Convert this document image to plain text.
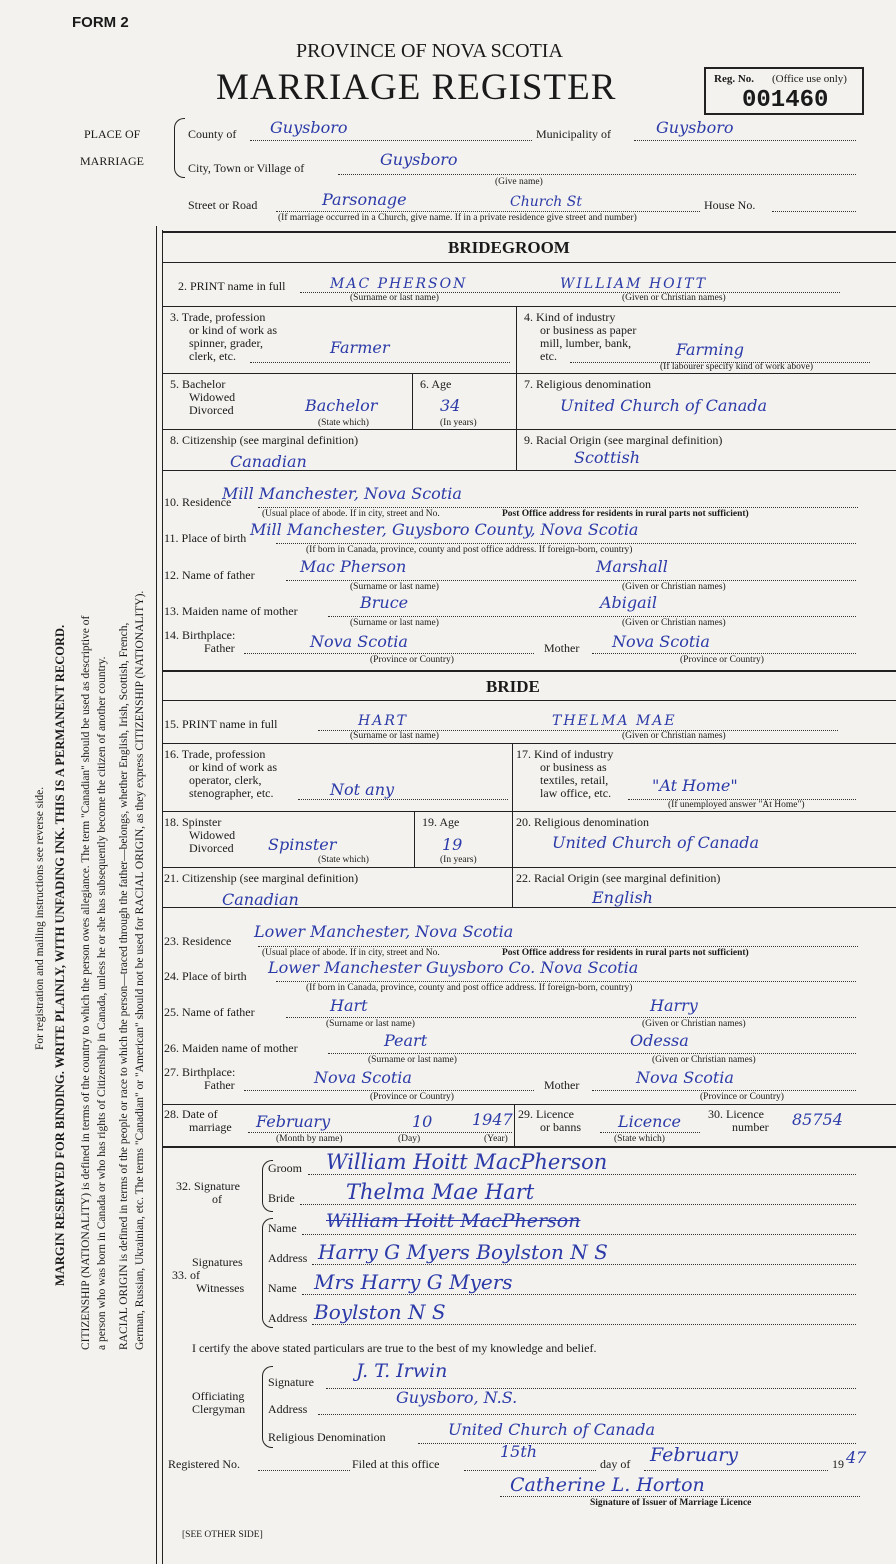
FORM 2
PROVINCE OF NOVA SCOTIA
MARRIAGE REGISTER	Reg. No. (Office use only)
001460
For registration and mailing instructions see reverse side. MARGIN RESERVED FOR BINDING. WRITE PLAINLY, WITH UNFADING INK. THIS IS A PERMANENT RECORD. CITIZENSHIP (NATIONALITY) is defined in terms of the country to which the person owes allegiance. The term "Canadian" should be used as descriptive of a person who was born in Canada or who has rights of Citizenship in Canada, unless he or she has subsequently become the citizen of another country. RACIAL ORIGIN is defined in terms of the people or race to which the person—traced through the father—belongs, whether English, Irish, Scottish, French, German, Russian, Ukrainian, etc. The terms "Canadian" or "American" should not be used for RACIAL ORIGIN, as they express CITIZENSHIP (NATIONALITY).
PLACE OF
MARRIAGE
County of Guysboro	Municipality of	Guysboro
City, Town or Village of	Guysboro
(Give name)
Street or Road	Parsonage	Church St	House No.
(If marriage occurred in a Church, give name. If in a private residence give street and number)
BRIDEGROOM
2. PRINT name in full	MAC PHERSON	WILLIAM HOITT
(Surname or last name)	(Given or Christian names)
3. Trade, profession
or kind of work as
spinner, grader,
clerk, etc.	Farmer
4. Kind of industry
or business as paper
mill, lumber, bank,
etc.	Farming
(If labourer specify kind of work above)
5. Bachelor
Widowed
Divorced	Bachelor
(State which)
6. Age
34
(In years)
7. Religious denomination
United Church of Canada
8. Citizenship (see marginal definition)
Canadian
9. Racial Origin (see marginal definition)
Scottish
10. Residence
Mill Manchester, Nova Scotia
(Usual place of abode. If in city, street and No.	Post Office address for residents in rural parts not sufficient)
11. Place of birth Mill Manchester, Guysboro County, Nova Scotia
(If born in Canada, province, county and post office address. If foreign-born, country)
12. Name of father	Mac Pherson	Marshall
(Surname or last name)	(Given or Christian names)
13. Maiden name of mother	Bruce	Abigail
(Surname or last name)	(Given or Christian names)
14. Birthplace:
Father	Nova Scotia
(Province or Country)
Mother Nova Scotia
(Province or Country)
BRIDE
15. PRINT name in full	HART	THELMA MAE
(Surname or last name)	(Given or Christian names)
16. Trade, profession
or kind of work as
operator, clerk,
stenographer, etc.	Not any
17. Kind of industry
or business as
textiles, retail,
law office, etc.	"At Home"
(If unemployed answer "At Home")
18. Spinster
Widowed
Divorced Spinster
(State which)
19. Age
19
(In years)
20. Religious denomination
United Church of Canada
21. Citizenship (see marginal definition)
Canadian
22. Racial Origin (see marginal definition)
English
23. Residence Lower Manchester, Nova Scotia
(Usual place of abode. If in city, street and No.	Post Office address for residents in rural parts not sufficient)
24. Place of birth Lower Manchester Guysboro Co. Nova Scotia
(If born in Canada, province, county and post office address. If foreign-born, country)
25. Name of father	Hart	Harry
(Surname or last name)	(Given or Christian names)
26. Maiden name of mother	Peart	Odessa
(Surname or last name)	(Given or Christian names)
27. Birthplace:
Father	Nova Scotia
(Province or Country)
Mother	Nova Scotia
(Province or Country)
28. Date of
marriage February	10 1947
(Month by name)	(Day)	(Year)
29. Licence
or banns Licence
(State which)
30. Licence
number 85754
32. Signature
of
Groom William Hoitt MacPherson
Bride Thelma Mae Hart
Signatures
33. of
Witnesses
Name William Hoitt MacPherson
Address Harry G Myers Boylston N S
Name Mrs Harry G Myers
Address Boylston N S
I certify the above stated particulars are true to the best of my knowledge and belief.
Officiating
Clergyman
Signature J. T. Irwin
Address
Guysboro, N.S.
Religious Denomination	United Church of Canada
Registered No.	Filed at this office
15th
day of February	19 47
Catherine L. Horton
Signature of Issuer of Marriage Licence
[SEE OTHER SIDE]
